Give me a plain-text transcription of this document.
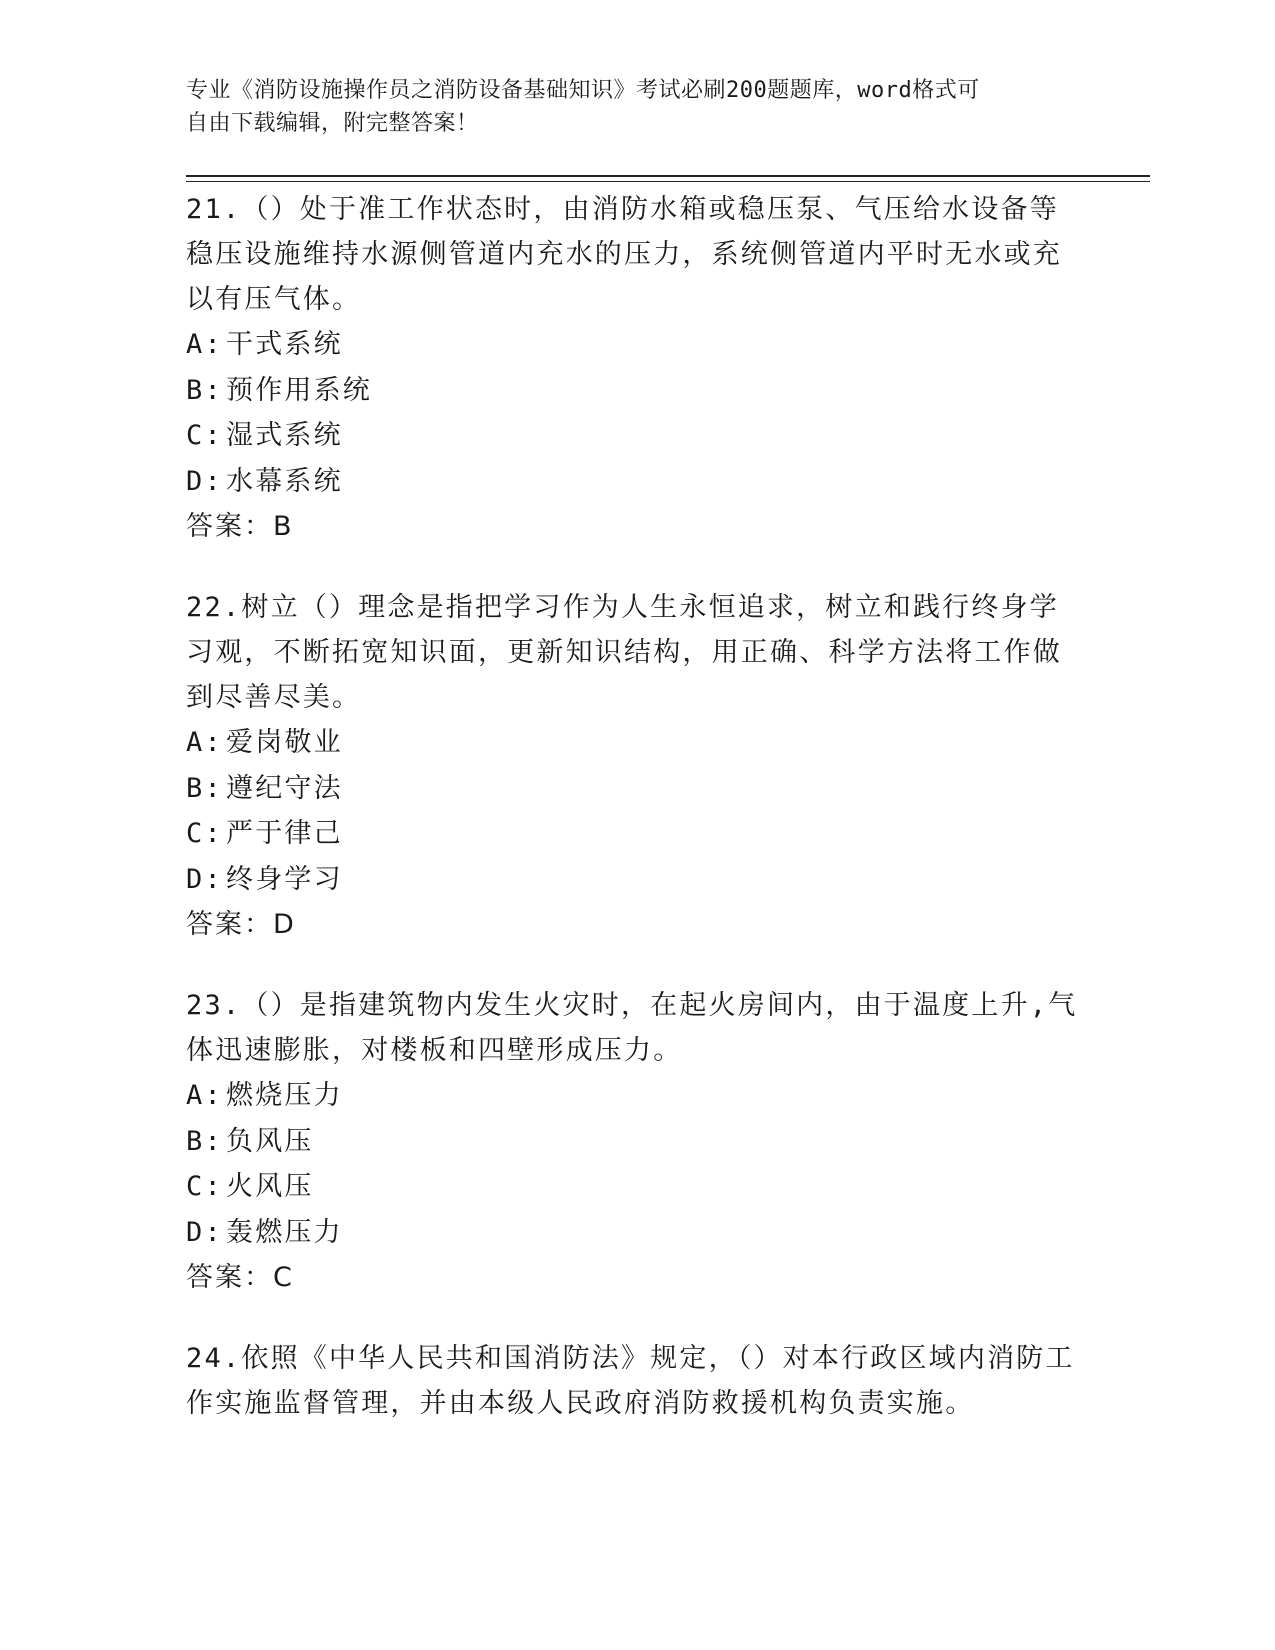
专业《消防设施操作员之消防设备基础知识》考试必刷200题题库，word格式可
自由下载编辑，附完整答案！

21.（）处于准工作状态时，由消防水箱或稳压泵、气压给水设备等稳压设施维持水源侧管道内充水的压力，系统侧管道内平时无水或充以有压气体。

A: 干式系统

B: 预作用系统

C: 湿式系统

D: 水幕系统

答案：B

22.树立（）理念是指把学习作为人生永恒追求，树立和践行终身学习观，不断拓宽知识面，更新知识结构，用正确、科学方法将工作做到尽善尽美。

A: 爱岗敬业

B: 遵纪守法

C: 严于律己

D: 终身学习

答案：D

23.（）是指建筑物内发生火灾时，在起火房间内，由于温度上升,气体迅速膨胀，对楼板和四壁形成压力。

A: 燃烧压力

B: 负风压

C: 火风压

D: 轰燃压力

答案：C

24.依照《中华人民共和国消防法》规定，（）对本行政区域内消防工作实施监督管理，并由本级人民政府消防救援机构负责实施。
